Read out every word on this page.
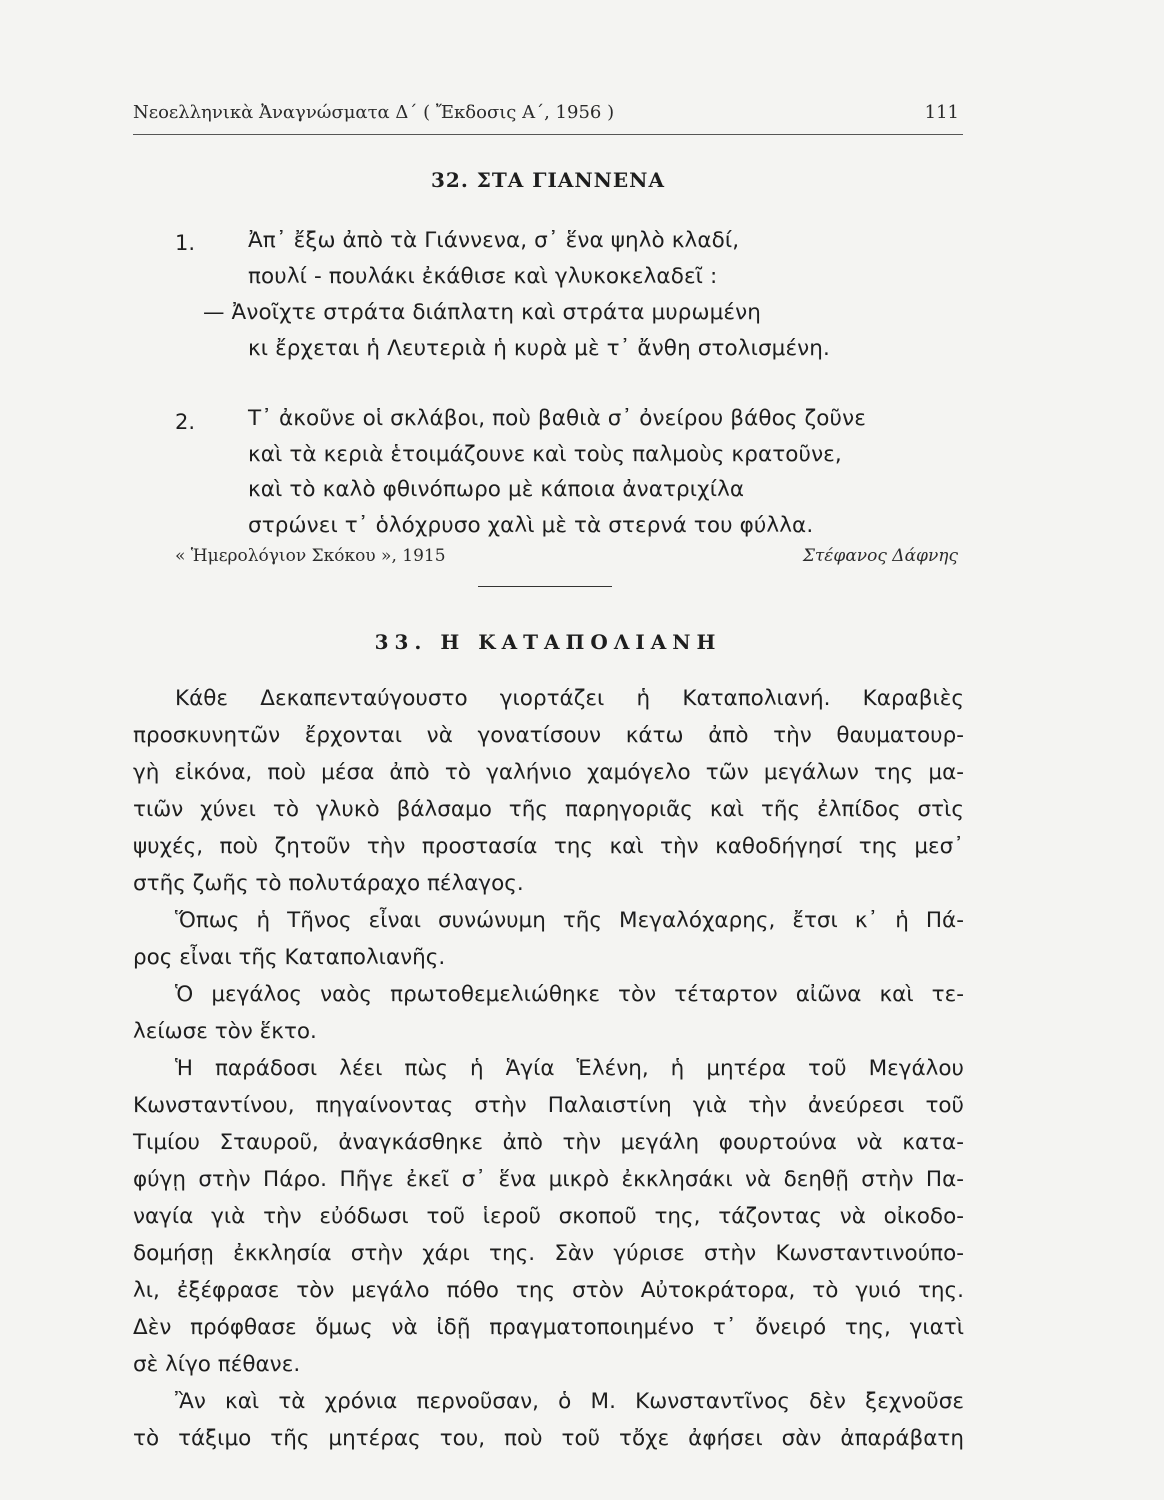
Νεοελληνικὰ Ἀναγνώσματα Δ΄ ( Ἔκδοσις Α΄, 1956 )	111
32. ΣΤΑ ΓΙΑΝΝΕΝΑ
1. Ἀπ᾿ ἔξω ἀπὸ τὰ Γιάννενα, σ᾿ ἕνα ψηλὸ κλαδί,
πουλί - πουλάκι ἐκάθισε καὶ γλυκοκελαδεῖ :
— Ἀνοῖχτε στράτα διάπλατη καὶ στράτα μυρωμένη
κι ἔρχεται ἡ Λευτεριὰ ἡ κυρὰ μὲ τ᾿ ἄνθη στολισμένη.
2. Τ᾿ ἀκοῦνε οἱ σκλάβοι, ποὺ βαθιὰ σ᾿ ὀνείρου βάθος ζοῦνε
καὶ τὰ κεριὰ ἑτοιμάζουνε καὶ τοὺς παλμοὺς κρατοῦνε,
καὶ τὸ καλὸ φθινόπωρο μὲ κάποια ἀνατριχίλα
στρώνει τ᾿ ὁλόχρυσο χαλὶ μὲ τὰ στερνά του φύλλα.
« Ἡμερολόγιον Σκόκου », 1915	Στέφανος Δάφνης
33. Η ΚΑΤΑΠΟΛΙΑΝΗ
Κάθε Δεκαπενταύγουστο γιορτάζει ἡ Καταπολιανή. Καραβιὲς
προσκυνητῶν ἔρχονται νὰ γονατίσουν κάτω ἀπὸ τὴν θαυματουρ-
γὴ εἰκόνα, ποὺ μέσα ἀπὸ τὸ γαλήνιο χαμόγελο τῶν μεγάλων της μα-
τιῶν χύνει τὸ γλυκὸ βάλσαμο τῆς παρηγοριᾶς καὶ τῆς ἐλπίδος στὶς
ψυχές, ποὺ ζητοῦν τὴν προστασία της καὶ τὴν καθοδήγησί της μεσ᾿
στῆς ζωῆς τὸ πολυτάραχο πέλαγος.
Ὅπως ἡ Τῆνος εἶναι συνώνυμη τῆς Μεγαλόχαρης, ἔτσι κ᾿ ἡ Πά-
ρος εἶναι τῆς Καταπολιανῆς.
Ὁ μεγάλος ναὸς πρωτοθεμελιώθηκε τὸν τέταρτον αἰῶνα καὶ τε-
λείωσε τὸν ἕκτο.
Ἡ παράδοσι λέει πὼς ἡ Ἁγία Ἑλένη, ἡ μητέρα τοῦ Μεγάλου
Κωνσταντίνου, πηγαίνοντας στὴν Παλαιστίνη γιὰ τὴν ἀνεύρεσι τοῦ
Τιμίου Σταυροῦ, ἀναγκάσθηκε ἀπὸ τὴν μεγάλη φουρτούνα νὰ κατα-
φύγῃ στὴν Πάρο. Πῆγε ἐκεῖ σ᾿ ἕνα μικρὸ ἐκκλησάκι νὰ δεηθῇ στὴν Πα-
ναγία γιὰ τὴν εὐόδωσι τοῦ ἱεροῦ σκοποῦ της, τάζοντας νὰ οἰκοδο-
δομήσῃ ἐκκλησία στὴν χάρι της. Σὰν γύρισε στὴν Κωνσταντινούπο-
λι, ἐξέφρασε τὸν μεγάλο πόθο της στὸν Αὐτοκράτορα, τὸ γυιό της.
Δὲν πρόφθασε ὅμως νὰ ἰδῇ πραγματοποιημένο τ᾿ ὄνειρό της, γιατὶ
σὲ λίγο πέθανε.
Ἂν καὶ τὰ χρόνια περνοῦσαν, ὁ Μ. Κωνσταντῖνος δὲν ξεχνοῦσε
τὸ τάξιμο τῆς μητέρας του, ποὺ τοῦ τὄχε ἀφήσει σὰν ἀπαράβατη
